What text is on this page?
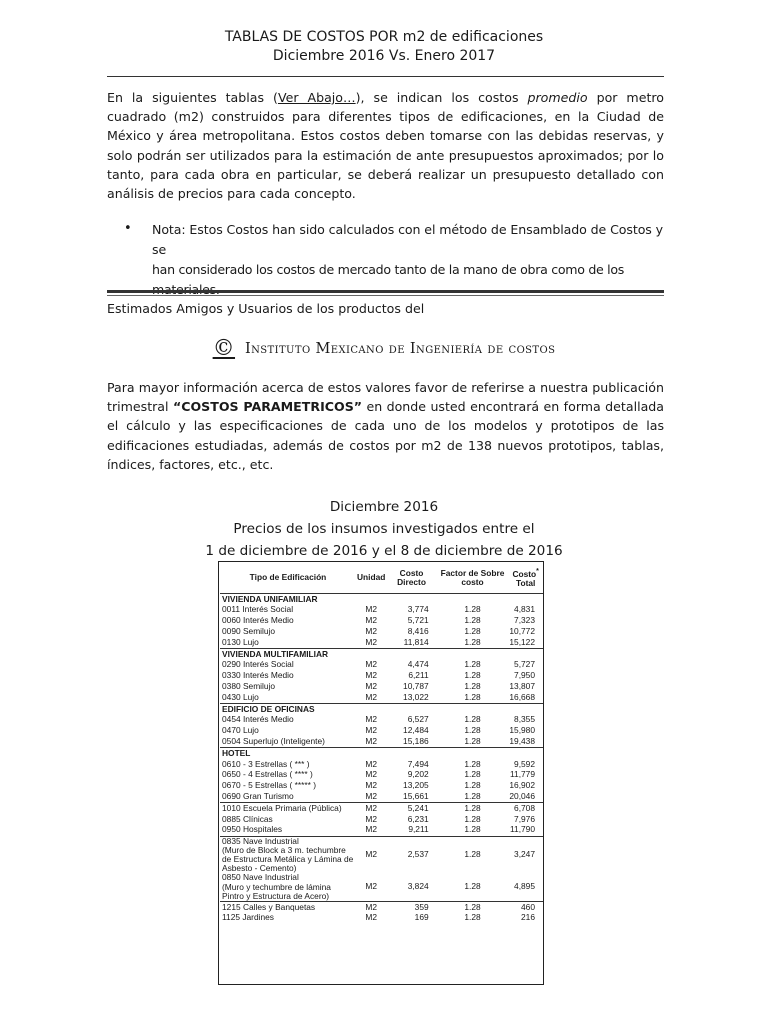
TABLAS DE COSTOS POR m2 de edificaciones
Diciembre 2016 Vs. Enero 2017
En la siguientes tablas (Ver Abajo…), se indican los costos promedio por metro cuadrado (m2) construidos para diferentes tipos de edificaciones, en la Ciudad de México y área metropolitana. Estos costos deben tomarse con las debidas reservas, y solo podrán ser utilizados para la estimación de ante presupuestos aproximados; por lo tanto, para cada obra en particular, se deberá realizar un presupuesto detallado con análisis de precios para cada concepto.
• Nota: Estos Costos han sido calculados con el método de Ensamblado de Costos y se
han considerado los costos de mercado tanto de la mano de obra como de los
Estimados Amigos y Usuarios de los productos del
© Instituto Mexicano de Ingeniería de costos
Para mayor información acerca de estos valores favor de referirse a nuestra publicación trimestral “COSTOS PARAMETRICOS” en donde usted encontrará en forma detallada el cálculo y las especificaciones de cada uno de los modelos y prototipos de las edificaciones estudiadas, además de costos por m2 de 138 nuevos prototipos, tablas, índices, factores, etc., etc.
Diciembre 2016
Precios de los insumos investigados entre el
1 de diciembre de 2016 y el 8 de diciembre de 2016
Tipo de Edificación	Unidad	Costo Directo	Factor de Sobre costo	Costo*
Total
VIVIENDA UNIFAMILIAR				
0011 Interés Social	M2	3,774	1.28	4,831
0060 Interés Medio	M2	5,721	1.28	7,323
0090 Semilujo	M2	8,416	1.28	10,772
0130 Lujo	M2	11,814	1.28	15,122
VIVIENDA MULTIFAMILIAR				
0290 Interés Social	M2	4,474	1.28	5,727
0330 Interés Medio	M2	6,211	1.28	7,950
0380 Semilujo	M2	10,787	1.28	13,807
0430 Lujo	M2	13,022	1.28	16,668
EDIFICIO DE OFICINAS				
0454 Interés Medio	M2	6,527	1.28	8,355
0470 Lujo	M2	12,484	1.28	15,980
0504 Superlujo (Inteligente)	M2	15,186	1.28	19,438
HOTEL				
0610 - 3 Estrellas ( *** )	M2	7,494	1.28	9,592
0650 - 4 Estrellas ( **** )	M2	9,202	1.28	11,779
0670 - 5 Estrellas ( ***** )	M2	13,205	1.28	16,902
0690 Gran Turismo	M2	15,661	1.28	20,046
1010 Escuela Primaria (Pública)	M2	5,241	1.28	6,708
0885 Clínicas	M2	6,231	1.28	7,976
0950 Hospitales	M2	9,211	1.28	11,790
0835 Nave Industrial
(Muro de Block a 3 m. techumbre de Estructura Metálica y Lámina de Asbesto - Cemento)	M2	2,537	1.28	3,247
0850 Nave Industrial
(Muro y techumbre de lámina Pintro y Estructura de Acero)	M2	3,824	1.28	4,895
1215 Calles y Banquetas	M2	359	1.28	460
1125 Jardines	M2	169	1.28	216
